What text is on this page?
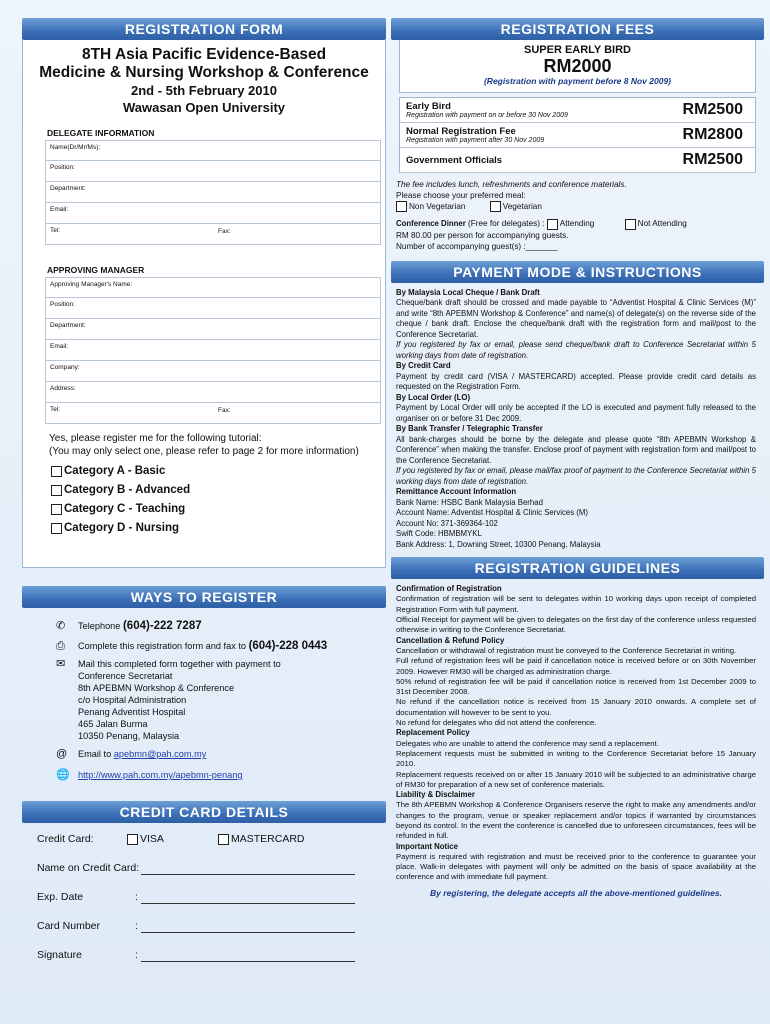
REGISTRATION FORM
8TH Asia Pacific Evidence-Based
Medicine & Nursing Workshop & Conference
2nd - 5th February 2010
Wawasan Open University
DELEGATE INFORMATION
Name(Dr/Mr/Ms):
Position:
Department:
Email:
Tel:	Fax:
APPROVING MANAGER
Approving Manager's Name:
Position:
Department:
Email:
Company:
Address:
Tel:	Fax:
Yes, please register me for the following tutorial:
(You may only select one, please refer to page 2 for more information)
Category A - Basic
Category B - Advanced
Category C - Teaching
Category D - Nursing
WAYS TO REGISTER
✆	Telephone (604)-222 7287
⎙	Complete this registration form and fax to (604)-228 0443
✉	Mail this completed form together with payment to
Conference Secretariat
8th APEBMN Workshop & Conference
c/o Hospital Administration
Penang Adventist Hospital
465 Jalan Burma
10350 Penang, Malaysia
@	Email to apebmn@pah.com.my
🌐 http://www.pah.com.my/apebmn-penang
CREDIT CARD DETAILS
Credit Card:	VISA	MASTERCARD
Name on Credit Card:
Exp. Date	:
Card Number	:
Signature	:
REGISTRATION FEES
SUPER EARLY BIRD
RM2000
(Registration with payment before 8 Nov 2009)
Early Bird
Registration with payment on or before 30 Nov 2009	RM2500
Normal Registration Fee
Registration with payment after 30 Nov 2009	RM2800
Government Officials	RM2500
The fee includes lunch, refreshments and conference materials.
Please choose your preferred meal:
Non Vegetarian	Vegetarian
Conference Dinner (Free for delegates) : Attending	Not Attending
RM 80.00 per person for accompanying guests.
Number of accompanying guest(s) :_______
PAYMENT MODE & INSTRUCTIONS
By Malaysia Local Cheque / Bank Draft
Cheque/bank draft should be crossed and made payable to “Adventist Hospital & Clinic Services (M)” and write “8th APEBMN Workshop & Conference” and name(s) of delegate(s) on the reverse side of the cheque / bank draft. Enclose the cheque/bank draft with the registration form and mail/post to the Conference Secretariat.
If you registered by fax or email, please send cheque/bank draft to Conference Secretariat within 5 working days from date of registration.
By Credit Card
Payment by credit card (VISA / MASTERCARD) accepted. Please provide credit card details as requested on the Registration Form.
By Local Order (LO)
Payment by Local Order will only be accepted if the LO is executed and payment fully released to the organiser on or before 31 Dec 2009.
By Bank Transfer / Telegraphic Transfer
All bank-charges should be borne by the delegate and please quote “8th APEBMN Workshop & Conference” when making the transfer. Enclose proof of payment with registration form and mail/post to the Conference Secretariat.
If you registered by fax or email, please mail/fax proof of payment to the Conference Secretariat within 5 working days from date of registration.
Remittance Account Information
Bank Name: HSBC Bank Malaysia Berhad
Account Name: Adventist Hospital & Clinic Services (M)
Account No: 371-369364-102
Swift Code: HBMBMYKL
Bank Address: 1, Downing Street, 10300 Penang, Malaysia
REGISTRATION GUIDELINES
Confirmation of Registration
Confirmation of registration will be sent to delegates within 10 working days upon receipt of completed Registration Form with full payment.
Official Receipt for payment will be given to delegates on the first day of the conference unless requested otherwise in writing to the Conference Secretariat.
Cancellation & Refund Policy
Cancellation or withdrawal of registration must be conveyed to the Conference Secretariat in writing.
Full refund of registration fees will be paid if cancellation notice is received before or on 30th November 2009. However RM30 will be charged as administration charge.
50% refund of registration fee will be paid if cancellation notice is received from 1st December 2009 to 31st December 2008.
No refund if the cancellation notice is received from 15 January 2010 onwards. A complete set of documentation will however to be sent to you.
No refund for delegates who did not attend the conference.
Replacement Policy
Delegates who are unable to attend the conference may send a replacement.
Replacement requests must be submitted in writing to the Conference Secretariat before 15 January 2010.
Replacement requests received on or after 15 January 2010 will be subjected to an administrative charge of RM30 for preparation of a new set of conference materials.
Liability & Disclaimer
The 8th APEBMN Workshop & Conference Organisers reserve the right to make any amendments and/or changes to the program, venue or speaker replacement and/or topics if warranted by circumstances beyond its control. In the event the conference is cancelled due to unforeseen circumstances, fees will be refunded in full.
Important Notice
Payment is required with registration and must be received prior to the conference to guarantee your place. Walk-in delegates with payment will only be admitted on the basis of space availability at the conference and with immediate full payment.
By registering, the delegate accepts all the above-mentioned guidelines.
